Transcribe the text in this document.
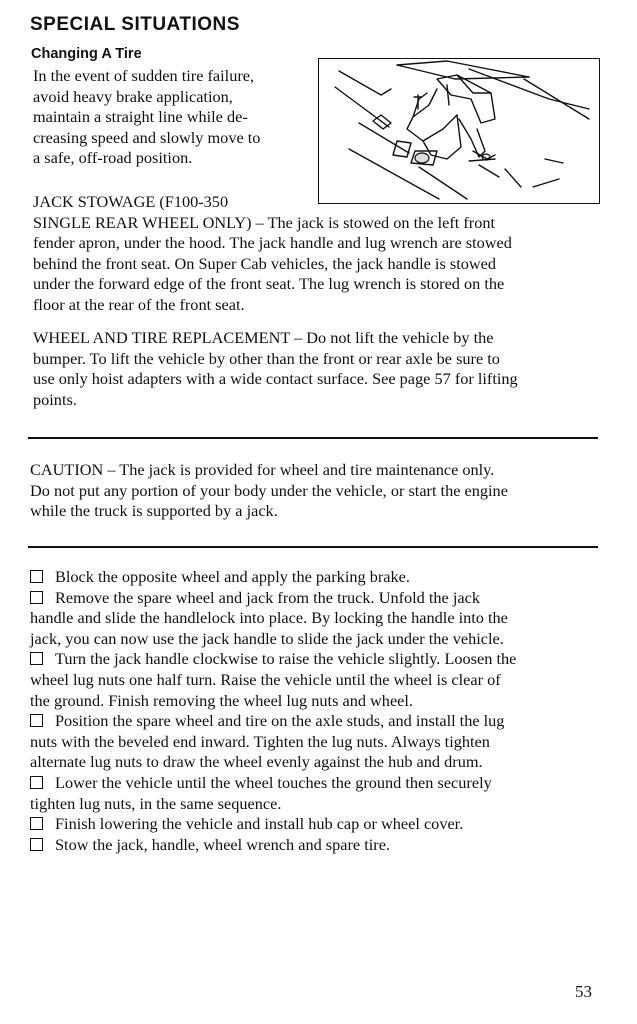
SPECIAL SITUATIONS
Changing A Tire
In the event of sudden tire failure,
avoid heavy brake application,
maintain a straight line while de-
creasing speed and slowly move to
a safe, off-road position.
JACK STOWAGE (F100-350
SINGLE REAR WHEEL ONLY) – The jack is stowed on the left front
fender apron, under the hood. The jack handle and lug wrench are stowed
behind the front seat. On Super Cab vehicles, the jack handle is stowed
under the forward edge of the front seat. The lug wrench is stored on the
floor at the rear of the front seat.
WHEEL AND TIRE REPLACEMENT – Do not lift the vehicle by the
bumper. To lift the vehicle by other than the front or rear axle be sure to
use only hoist adapters with a wide contact surface. See page 57 for lifting
points.
CAUTION – The jack is provided for wheel and tire maintenance only.
Do not put any portion of your body under the vehicle, or start the engine
while the truck is supported by a jack.
Block the opposite wheel and apply the parking brake.
Remove the spare wheel and jack from the truck. Unfold the jack
handle and slide the handlelock into place. By locking the handle into the
jack, you can now use the jack handle to slide the jack under the vehicle.
Turn the jack handle clockwise to raise the vehicle slightly. Loosen the
wheel lug nuts one half turn. Raise the vehicle until the wheel is clear of
the ground. Finish removing the wheel lug nuts and wheel.
Position the spare wheel and tire on the axle studs, and install the lug
nuts with the beveled end inward. Tighten the lug nuts. Always tighten
alternate lug nuts to draw the wheel evenly against the hub and drum.
Lower the vehicle until the wheel touches the ground then securely
tighten lug nuts, in the same sequence.
Finish lowering the vehicle and install hub cap or wheel cover.
Stow the jack, handle, wheel wrench and spare tire.
53
